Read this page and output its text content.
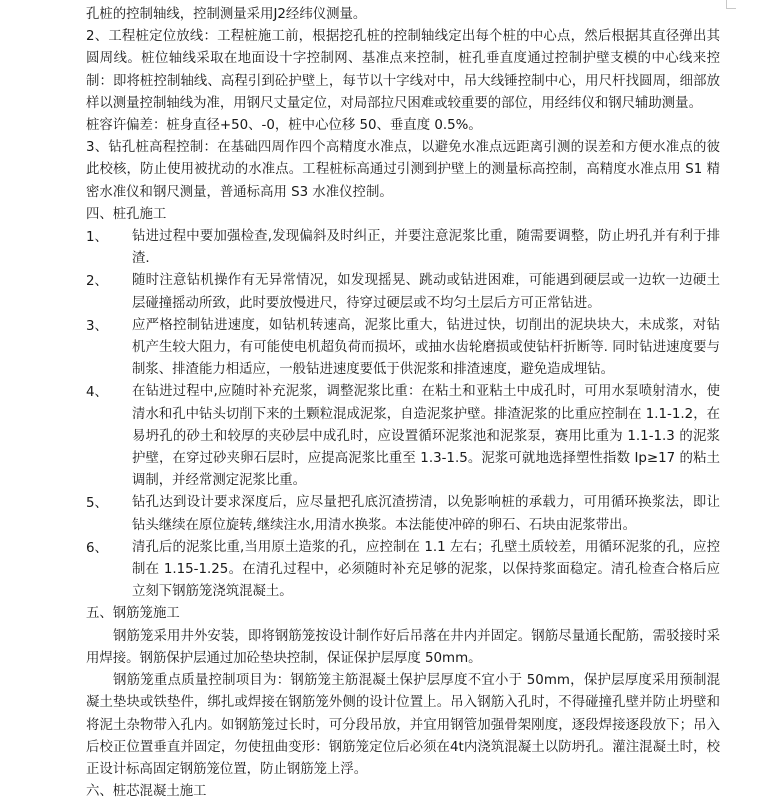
孔桩的控制轴线，控制测量采用J2经纬仪测量。

2、工程桩定位放线：工程桩施工前，根据挖孔桩的控制轴线定出每个桩的中心点，然后根据其直径弹出其圆周线。桩位轴线采取在地面设十字控制网、基准点来控制，桩孔垂直度通过控制护壁支模的中心线来控制：即将桩控制轴线、高程引到砼护壁上，每节以十字线对中，吊大线锤控制中心，用尺杆找圆周，细部放样以测量控制轴线为准，用钢尺丈量定位，对局部拉尺困难或较重要的部位，用经纬仪和钢尺辅助测量。

桩容许偏差：桩身直径+50、-0，桩中心位移 50、垂直度 0.5%。

3、钻孔桩高程控制：在基础四周作四个高精度水准点，以避免水准点远距离引测的误差和方便水准点的彼此校核，防止使用被扰动的水准点。工程桩标高通过引测到护壁上的测量标高控制，高精度水准点用 S1 精密水准仪和钢尺测量，普通标高用 S3 水准仪控制。

四、桩孔施工

1、	钻进过程中要加强检查,发现偏斜及时纠正，并要注意泥浆比重，随需要调整，防止坍孔并有利于排渣.

2、	随时注意钻机操作有无异常情况，如发现摇晃、跳动或钻进困难，可能遇到硬层或一边软一边硬土层碰撞摇动所致，此时要放慢进尺，待穿过硬层或不均匀土层后方可正常钻进。

3、	应严格控制钻进速度，如钻机转速高，泥浆比重大，钻进过快，切削出的泥块块大，未成浆，对钻机产生较大阻力，有可能使电机超负荷而损坏，或抽水齿轮磨损或使钻杆折断等. 同时钻进速度要与制浆、排渣能力相适应，一般钻进速度要低于供泥浆和排渣速度，避免造成埋钻。

4、	在钻进过程中,应随时补充泥浆，调整泥浆比重：在粘土和亚粘土中成孔时，可用水泵喷射清水，使清水和孔中钻头切削下来的土颗粒混成泥浆，自造泥浆护壁。排渣泥浆的比重应控制在 1.1-1.2，在易坍孔的砂土和较厚的夹砂层中成孔时，应设置循环泥浆池和泥浆泵，赛用比重为 1.1-1.3 的泥浆护壁，在穿过砂夹卵石层时，应提高泥浆比重至 1.3-1.5。泥浆可就地选择塑性指数 Ip≥17 的粘土调制，并经常测定泥浆比重。

5、	钻孔达到设计要求深度后，应尽量把孔底沉渣捞清，以免影响桩的承载力，可用循环换浆法，即让钻头继续在原位旋转,继续注水,用清水换浆。本法能使冲碎的卵石、石块由泥浆带出。

6、	清孔后的泥浆比重,当用原土造浆的孔，应控制在 1.1 左右；孔壁土质较差，用循环泥浆的孔，应控制在 1.15-1.25。在清孔过程中，必须随时补充足够的泥浆，以保持浆面稳定。清孔检查合格后应立刻下钢筋笼浇筑混凝土。

五、钢筋笼施工

钢筋笼采用井外安装，即将钢筋笼按设计制作好后吊落在井内并固定。钢筋尽量通长配筋，需驳接时采用焊接。钢筋保护层通过加砼垫块控制，保证保护层厚度 50mm。

钢筋笼重点质量控制项目为：钢筋笼主筋混凝土保护层厚度不宜小于 50mm，保护层厚度采用预制混凝土垫块或铁垫件，绑扎或焊接在钢筋笼外侧的设计位置上。吊入钢筋入孔时，不得碰撞孔壁并防止坍壁和将泥土杂物带入孔内。如钢筋笼过长时，可分段吊放，并宜用钢管加强骨架刚度，逐段焊接逐段放下；吊入后校正位置垂直并固定，勿使扭曲变形：钢筋笼定位后必须在4t内浇筑混凝土以防坍孔。灌注混凝土时，校正设计标高固定钢筋笼位置，防止钢筋笼上浮。

六、桩芯混凝土施工
